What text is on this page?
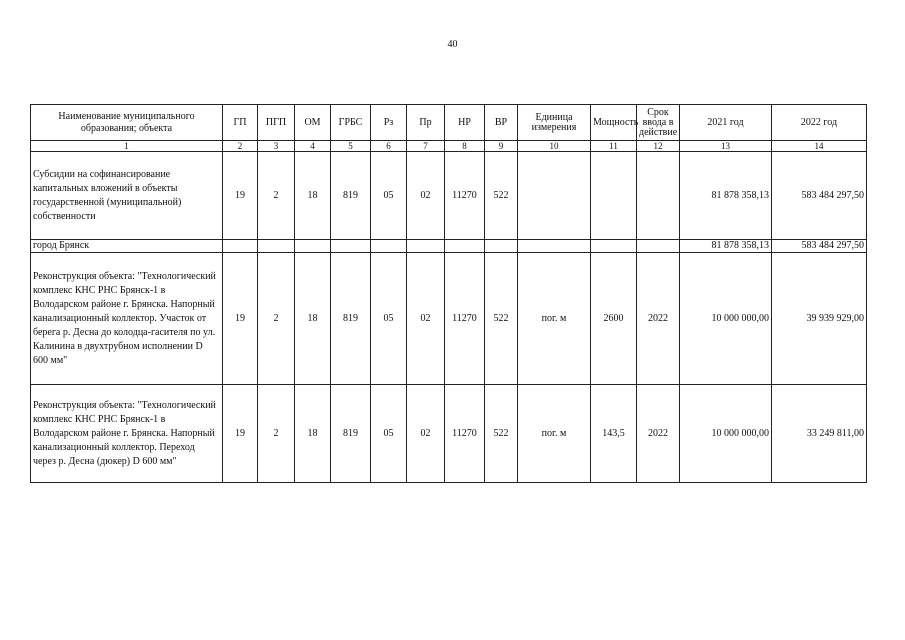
40
Наименование муниципального образования; объекта	ГП	ПГП	ОМ	ГРБС	Рз	Пр	НР	ВР	Единица измерения	Мощность	Срок ввода в действие	2021 год	2022 год
1	2	3	4	5	6	7	8	9	10	11	12	13	14
Субсидии на софинансирование капитальных вложений в объекты государственной (муниципальной) собственности	19	2	18	819	05	02	11270	522				81 878 358,13	583 484 297,50
город Брянск												81 878 358,13	583 484 297,50
Реконструкция объекта: "Технологический комплекс КНС РНС Брянск-1 в Володарском районе г. Брянска. Напорный канализационный коллектор. Участок от берега р. Десна до колодца-гасителя по ул. Калинина в двухтрубном исполнении D 600 мм"	19	2	18	819	05	02	11270	522	пог. м	2600	2022	10 000 000,00	39 939 929,00
Реконструкция объекта: "Технологический комплекс КНС РНС Брянск-1 в Володарском районе г. Брянска. Напорный канализационный коллектор. Переход через р. Десна (дюкер) D 600 мм"	19	2	18	819	05	02	11270	522	пог. м	143,5	2022	10 000 000,00	33 249 811,00
